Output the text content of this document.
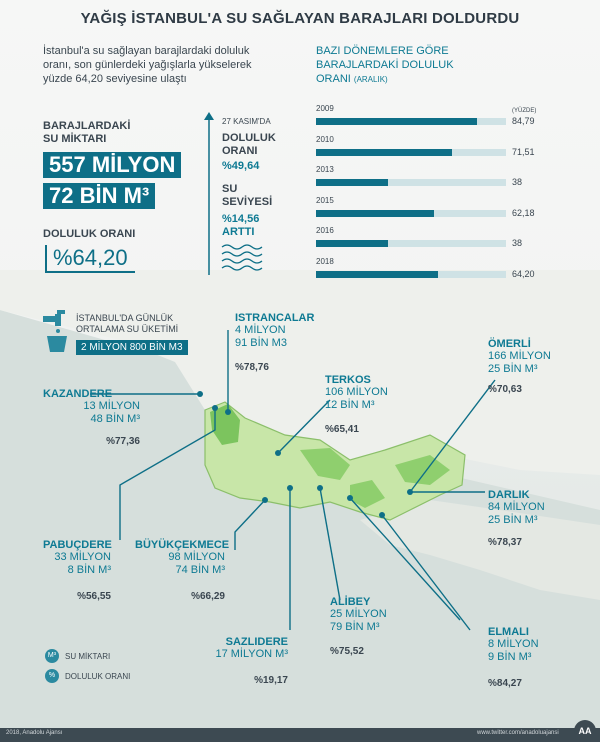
YAĞIŞ İSTANBUL'A SU SAĞLAYAN BARAJLARI DOLDURDU
İstanbul'a su sağlayan barajlardaki doluluk
oranı, son günlerdeki yağışlarla yükselerek
yüzde 64,20 seviyesine ulaştı
BARAJLARDAKİ
SU MİKTARI
557 MİLYON
72 BİN M³
DOLULUK ORANI
%64,20
27 KASIM'DA
DOLULUK
ORANI
%49,64
SU
SEVİYESİ
%14,56
ARTTI
BAZI DÖNEMLERE GÖRE
BARAJLARDAKİ DOLULUK
ORANI (ARALIK)
(YÜZDE)
2009
84,79
2010
71,51
2013
38
2015
62,18
2016
38
2018
64,20
İSTANBUL'DA GÜNLÜK
ORTALAMA SU ÜKETİMİ
2 MİLYON 800 BİN M3
ISTRANCALAR
4 MİLYON
91 BİN M3
%78,76
TERKOS
106 MİLYON
12 BİN M³
%65,41
ÖMERLİ
166 MİLYON
25 BİN M³
%70,63
KAZANDERE
13 MİLYON
48 BİN M³
%77,36
DARLIK
84 MİLYON
25 BİN M³
%78,37
PABUÇDERE
33 MİLYON
8 BİN M³
%56,55
BÜYÜKÇEKMECE
98 MİLYON
74 BİN M³
%66,29	ALİBEY
25 MİLYON
79 BİN M³
%75,52
SAZLIDERE
17 MİLYON M³
%19,17
ELMALI
8 MİLYON
9 BİN M³
%84,27
M³	SU MİKTARI
%	DOLULUK ORANI
2018, Anadolu Ajansı	www.twitter.com/anadoluajansi	AA
